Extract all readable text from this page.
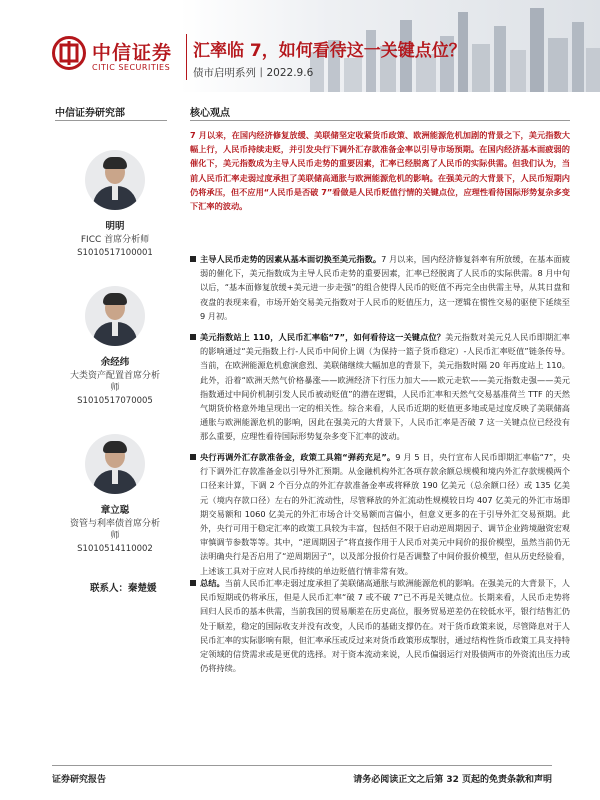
中信证券
CITIC SECURITIES
汇率临 7，如何看待这一关键点位？
债市启明系列丨2022.9.6
中信证券研究部
明明
FICC 首席分析师
S1010517100001
余经纬
大类资产配置首席分析师
S1010517070005
章立聪
资管与利率债首席分析师
S1010514110002
联系人：秦楚媛
核心观点
7 月以来，在国内经济修复放缓、美联储坚定收紧货币政策、欧洲能源危机加剧的背景之下，美元指数大幅上行，人民币持续走贬，并引发央行下调外汇存款准备金率以引导市场预期。在国内经济基本面疲弱的催化下，美元指数成为主导人民币走势的重要因素，汇率已经脱离了人民币的实际供需。但我们认为，当前人民币汇率走弱过度承担了美联储高通胀与欧洲能源危机的影响。在强美元的大背景下，人民币短期内仍将承压，但不应用“人民币是否破 7”看做是人民币贬值行情的关键点位，应理性看待国际形势复杂多变下汇率的波动。
主导人民币走势的因素从基本面切换至美元指数。7 月以来，国内经济修复斜率有所放缓，在基本面疲弱的催化下，美元指数成为主导人民币走势的重要因素，汇率已经脱离了人民币的实际供需。8 月中旬以后，“基本面修复放缓+美元进一步走强”的组合使得人民币的贬值不再完全由供需主导，从其日盘和夜盘的表现来看，市场开始交易美元指数对于人民币的贬值压力，这一逻辑在惯性交易的驱使下延续至 9 月初。
美元指数站上 110，人民币汇率临“7”，如何看待这一关键点位？美元指数对美元兑人民币即期汇率的影响通过“美元指数上行-人民币中间价上调（为保持一篮子货币稳定）-人民币汇率贬值”链条传导。当前，在欧洲能源危机愈演愈烈、美联储继续大幅加息的背景下，美元指数时隔 20 年再度站上 110。此外，沿着“欧洲天然气价格暴涨——欧洲经济下行压力加大——欧元走软——美元指数走强——美元指数通过中间价机制引发人民币被动贬值”的潜在逻辑，人民币汇率和天然气交易基准荷兰 TTF 的天然气期货价格意外地呈现出一定的相关性。综合来看，人民币近期的贬值更多地或是过度反映了美联储高通胀与欧洲能源危机的影响，因此在强美元的大背景下，人民币汇率是否破 7 这一关键点位已经没有那么重要，应理性看待国际形势复杂多变下汇率的波动。
央行再调外汇存款准备金，政策工具箱“弹药充足”。9 月 5 日，央行宣布人民币即期汇率临“7”，央行下调外汇存款准备金以引导外汇预期。从金融机构外汇各项存款余额总规模和境内外汇存款规模两个口径来计算，下调 2 个百分点的外汇存款准备金率或将释放 190 亿美元（总余额口径）或 135 亿美元（境内存款口径）左右的外汇流动性，尽管释放的外汇流动性规模较日均 407 亿美元的外汇市场即期交易额和 1060 亿美元的外汇市场合计交易额而言偏小，但意义更多的在于引导外汇交易预期。此外，央行可用于稳定汇率的政策工具较为丰富，包括但不限于启动逆周期因子、调节企业跨境融资宏观审慎调节参数等等。其中，“逆周期因子”将直接作用于人民币对美元中间价的报价模型，虽然当前仍无法明确央行是否启用了“逆周期因子”，以及部分报价行是否调整了中间价报价模型，但从历史经验看，上述该工具对于应对人民币持续的单边贬值行情非常有效。
总结。当前人民币汇率走弱过度承担了美联储高通胀与欧洲能源危机的影响。在强美元的大背景下，人民币短期或仍将承压，但是人民币汇率“破 7 或不破 7”已不再是关键点位。长期来看，人民币走势将回归人民币的基本供需，当前我国的贸易顺差在历史高位，服务贸易逆差仍在较低水平，银行结售汇仍处于顺差，稳定的国际收支并没有改变，人民币的基础支撑仍在。对于货币政策来说，尽管降息对于人民币汇率的实际影响有限，但汇率承压或反过来对货币政策形成掣肘，通过结构性货币政策工具支持特定领域的信贷需求或是更优的选择。对于资本流动来说，人民币偏弱运行对股债两市的外资流出压力或仍将持续。
证券研究报告	请务必阅读正文之后第 32 页起的免责条款和声明
